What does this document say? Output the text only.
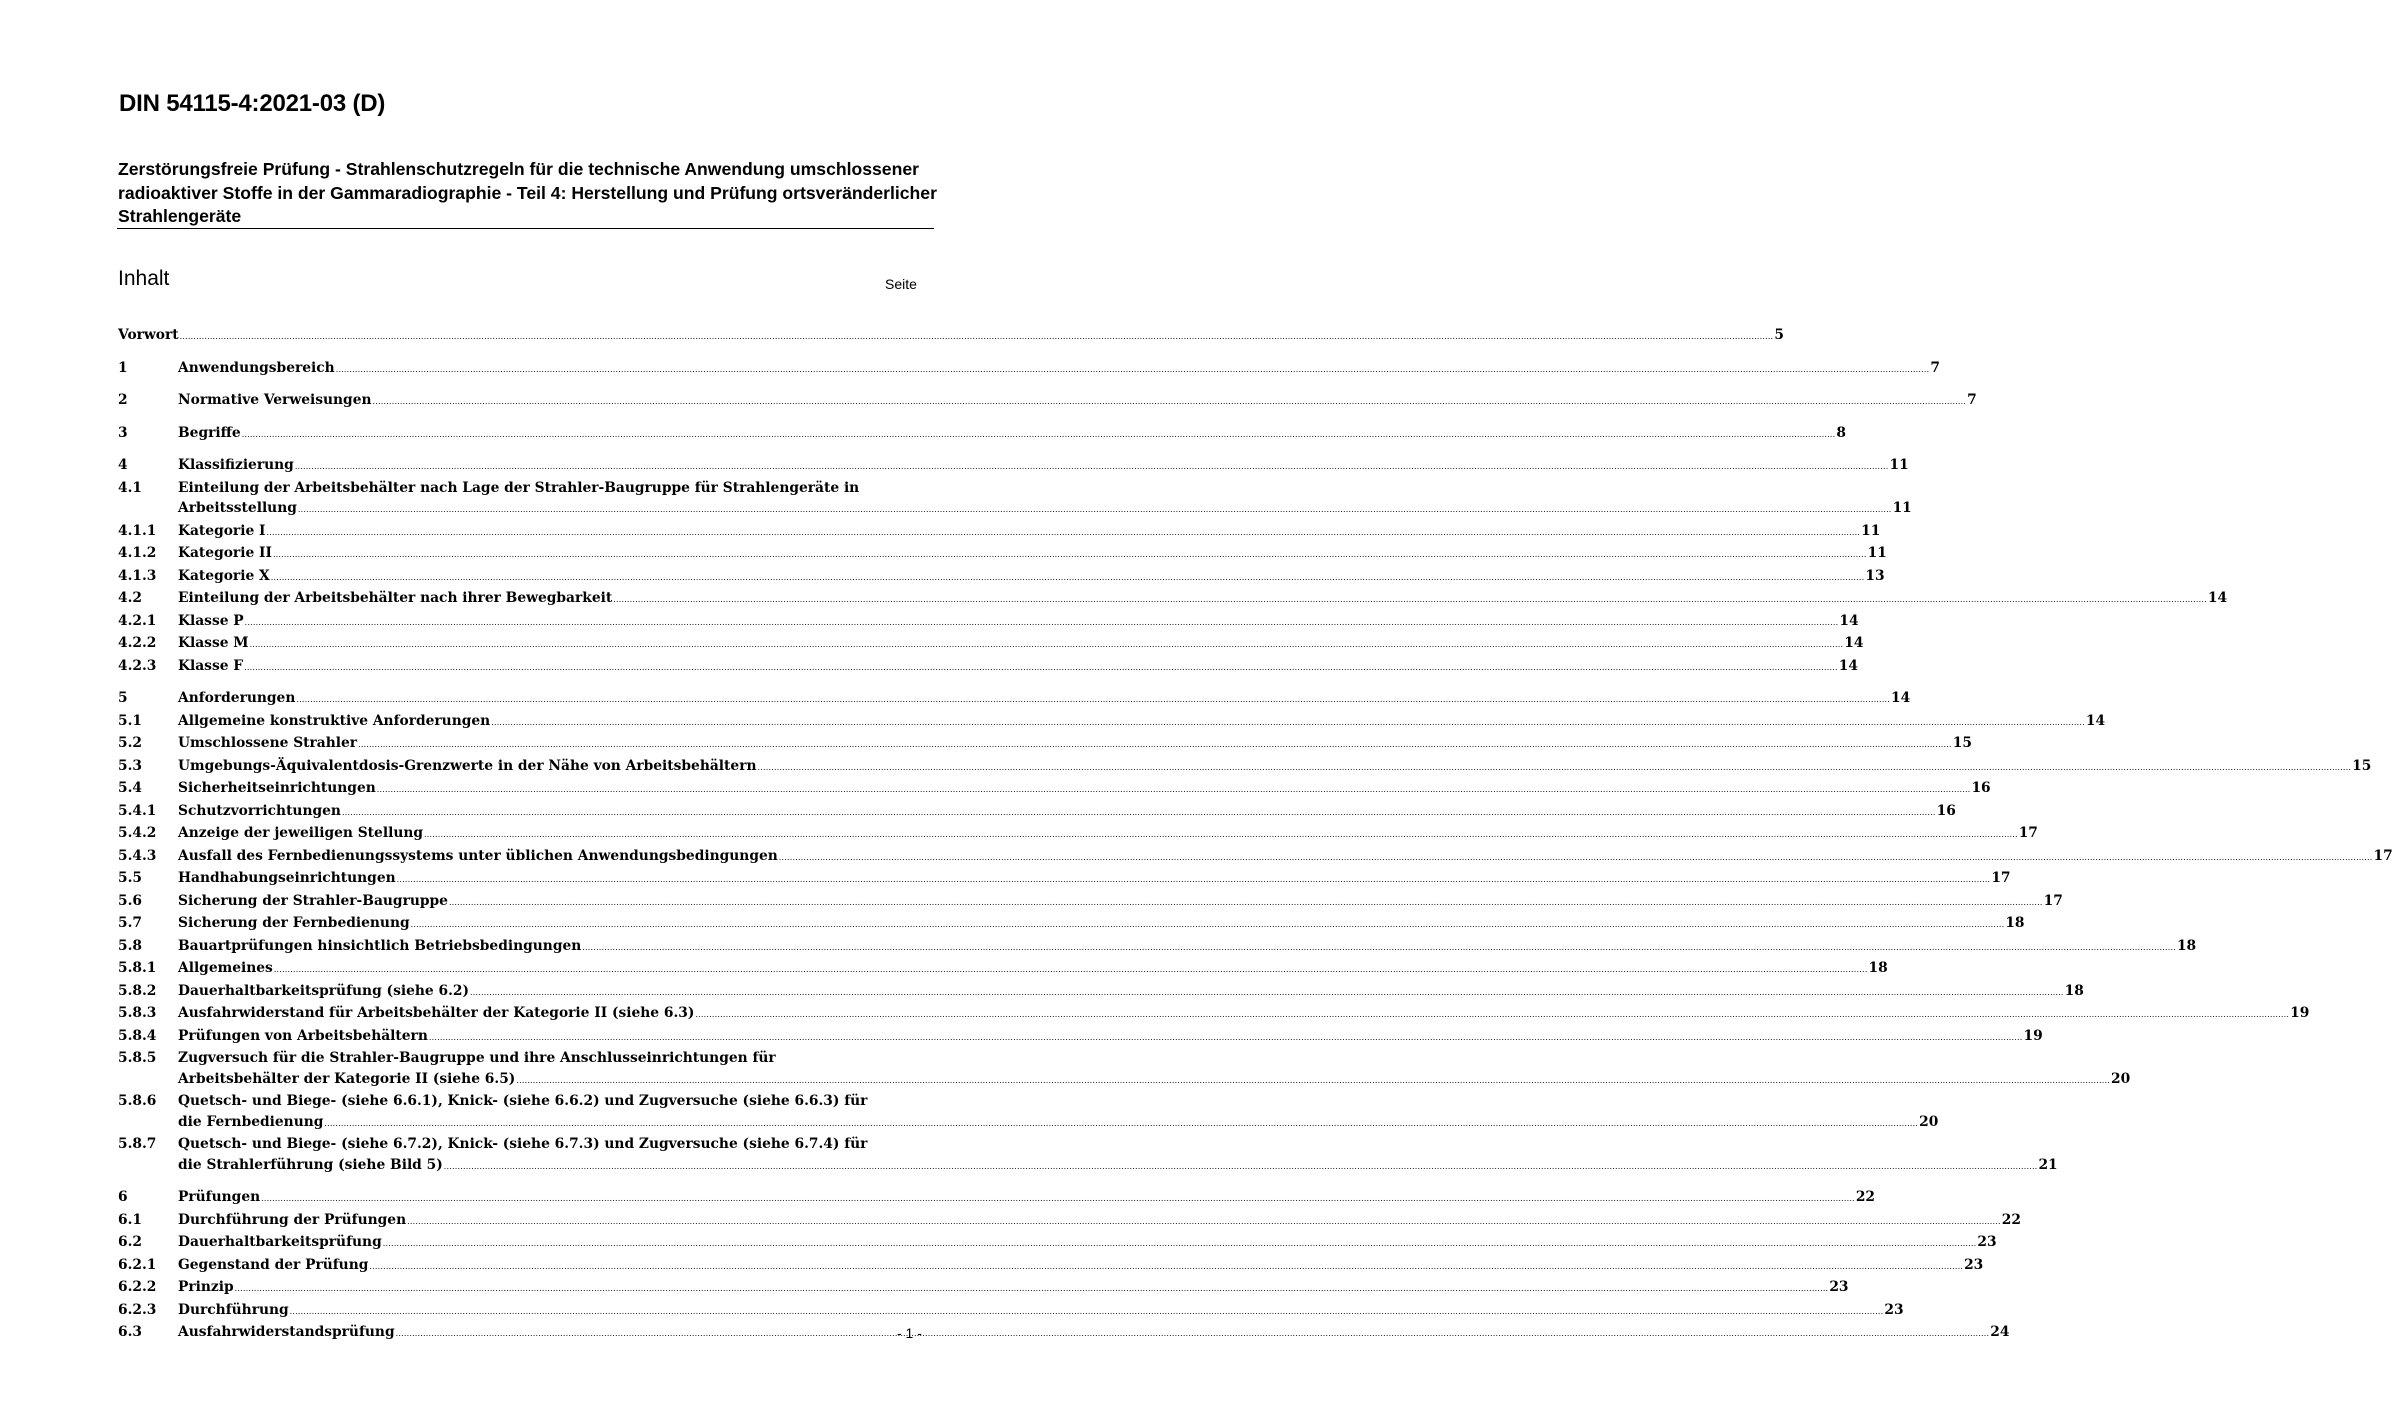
DIN 54115-4:2021-03 (D)
Zerstörungsfreie Prüfung - Strahlenschutzregeln für die technische Anwendung umschlossener radioaktiver Stoffe in der Gammaradiographie - Teil 4: Herstellung und Prüfung ortsveränderlicher Strahlengeräte
Inhalt	Seite
Vorwort .....	5
1	Anwendungsbereich .....	7
2	Normative Verweisungen .....	7
3	Begriffe .....	8
4	Klassifizierung .....	11
4.1	Einteilung der Arbeitsbehälter nach Lage der Strahler-Baugruppe für Strahlengeräte in
Arbeitsstellung .....	11
4.1.1	Kategorie I .....	11
4.1.2	Kategorie II .....	11
4.1.3	Kategorie X .....	13
4.2	Einteilung der Arbeitsbehälter nach ihrer Bewegbarkeit .....	14
4.2.1	Klasse P .....	14
4.2.2	Klasse M .....	14
4.2.3	Klasse F .....	14
5	Anforderungen .....	14
5.1	Allgemeine konstruktive Anforderungen .....	14
5.2	Umschlossene Strahler .....	15
5.3	Umgebungs-Äquivalentdosis-Grenzwerte in der Nähe von Arbeitsbehältern .....	15
5.4	Sicherheitseinrichtungen .....	16
5.4.1	Schutzvorrichtungen .....	16
5.4.2	Anzeige der jeweiligen Stellung .....	17
5.4.3	Ausfall des Fernbedienungssystems unter üblichen Anwendungsbedingungen .....	17
5.5	Handhabungseinrichtungen .....	17
5.6	Sicherung der Strahler-Baugruppe .....	17
5.7	Sicherung der Fernbedienung .....	18
5.8	Bauartprüfungen hinsichtlich Betriebsbedingungen .....	18
5.8.1	Allgemeines .....	18
5.8.2	Dauerhaltbarkeitsprüfung (siehe 6.2) .....	18
5.8.3	Ausfahrwiderstand für Arbeitsbehälter der Kategorie II (siehe 6.3) .....	19
5.8.4	Prüfungen von Arbeitsbehältern .....	19
5.8.5	Zugversuch für die Strahler-Baugruppe und ihre Anschlusseinrichtungen für
Arbeitsbehälter der Kategorie II (siehe 6.5) .....	20
5.8.6	Quetsch- und Biege- (siehe 6.6.1), Knick- (siehe 6.6.2) und Zugversuche (siehe 6.6.3) für
die Fernbedienung .....	20
5.8.7	Quetsch- und Biege- (siehe 6.7.2), Knick- (siehe 6.7.3) und Zugversuche (siehe 6.7.4) für
die Strahlerführung (siehe Bild 5) .....	21
6	Prüfungen .....	22
6.1	Durchführung der Prüfungen .....	22
6.2	Dauerhaltbarkeitsprüfung .....	23
6.2.1	Gegenstand der Prüfung .....	23
6.2.2	Prinzip .....	23
6.2.3	Durchführung .....	23
6.3	Ausfahrwiderstandsprüfung .....	24
- 1 -
